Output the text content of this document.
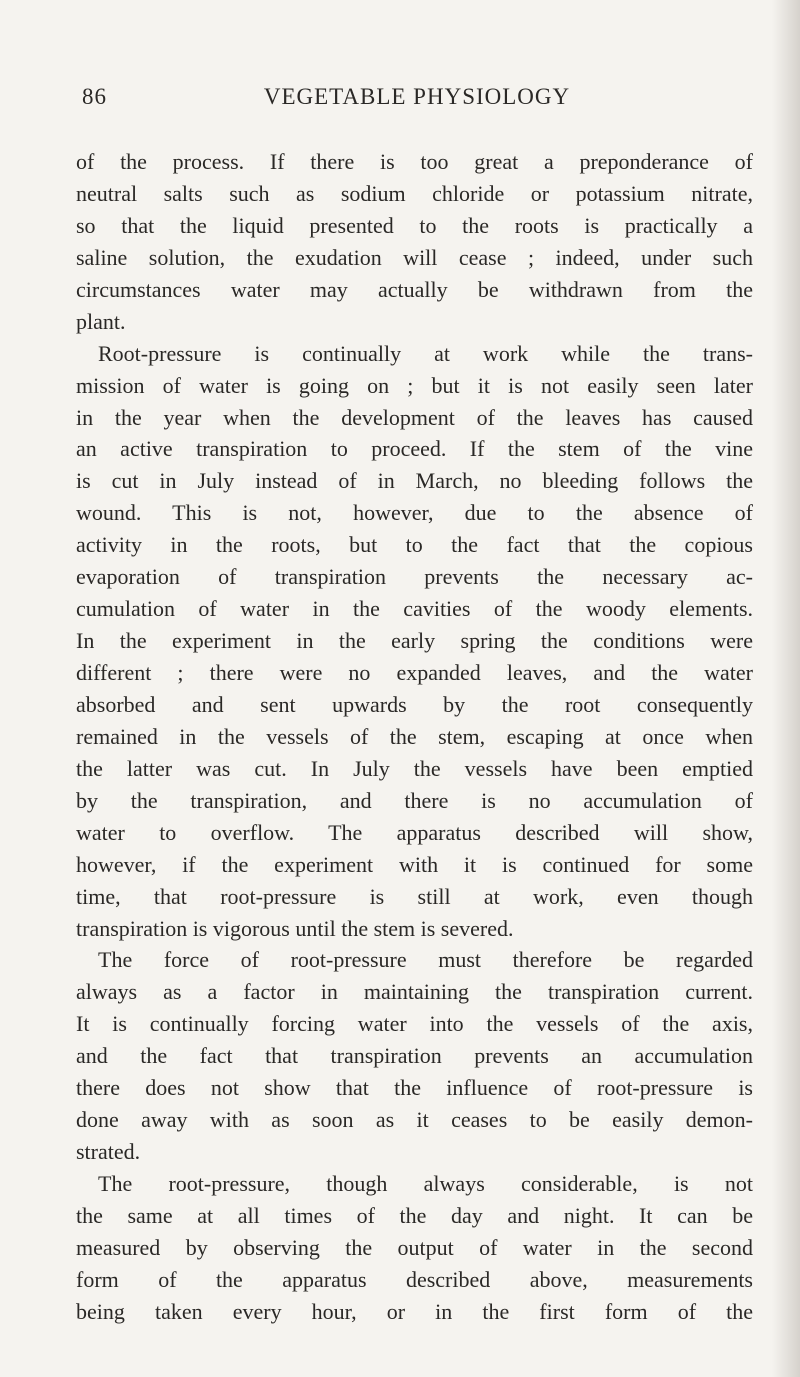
86	VEGETABLE PHYSIOLOGY
of the process. If there is too great a preponderance of
neutral salts such as sodium chloride or potassium nitrate,
so that the liquid presented to the roots is practically a
saline solution, the exudation will cease ; indeed, under such
circumstances water may actually be withdrawn from the
plant.
Root-pressure is continually at work while the trans-
mission of water is going on ; but it is not easily seen later
in the year when the development of the leaves has caused
an active transpiration to proceed. If the stem of the vine
is cut in July instead of in March, no bleeding follows the
wound. This is not, however, due to the absence of
activity in the roots, but to the fact that the copious
evaporation of transpiration prevents the necessary ac-
cumulation of water in the cavities of the woody elements.
In the experiment in the early spring the conditions were
different ; there were no expanded leaves, and the water
absorbed and sent upwards by the root consequently
remained in the vessels of the stem, escaping at once when
the latter was cut. In July the vessels have been emptied
by the transpiration, and there is no accumulation of
water to overflow. The apparatus described will show,
however, if the experiment with it is continued for some
time, that root-pressure is still at work, even though
transpiration is vigorous until the stem is severed.
The force of root-pressure must therefore be regarded
always as a factor in maintaining the transpiration current.
It is continually forcing water into the vessels of the axis,
and the fact that transpiration prevents an accumulation
there does not show that the influence of root-pressure is
done away with as soon as it ceases to be easily demon-
strated.
The root-pressure, though always considerable, is not
the same at all times of the day and night. It can be
measured by observing the output of water in the second
form of the apparatus described above, measurements
being taken every hour, or in the first form of the
